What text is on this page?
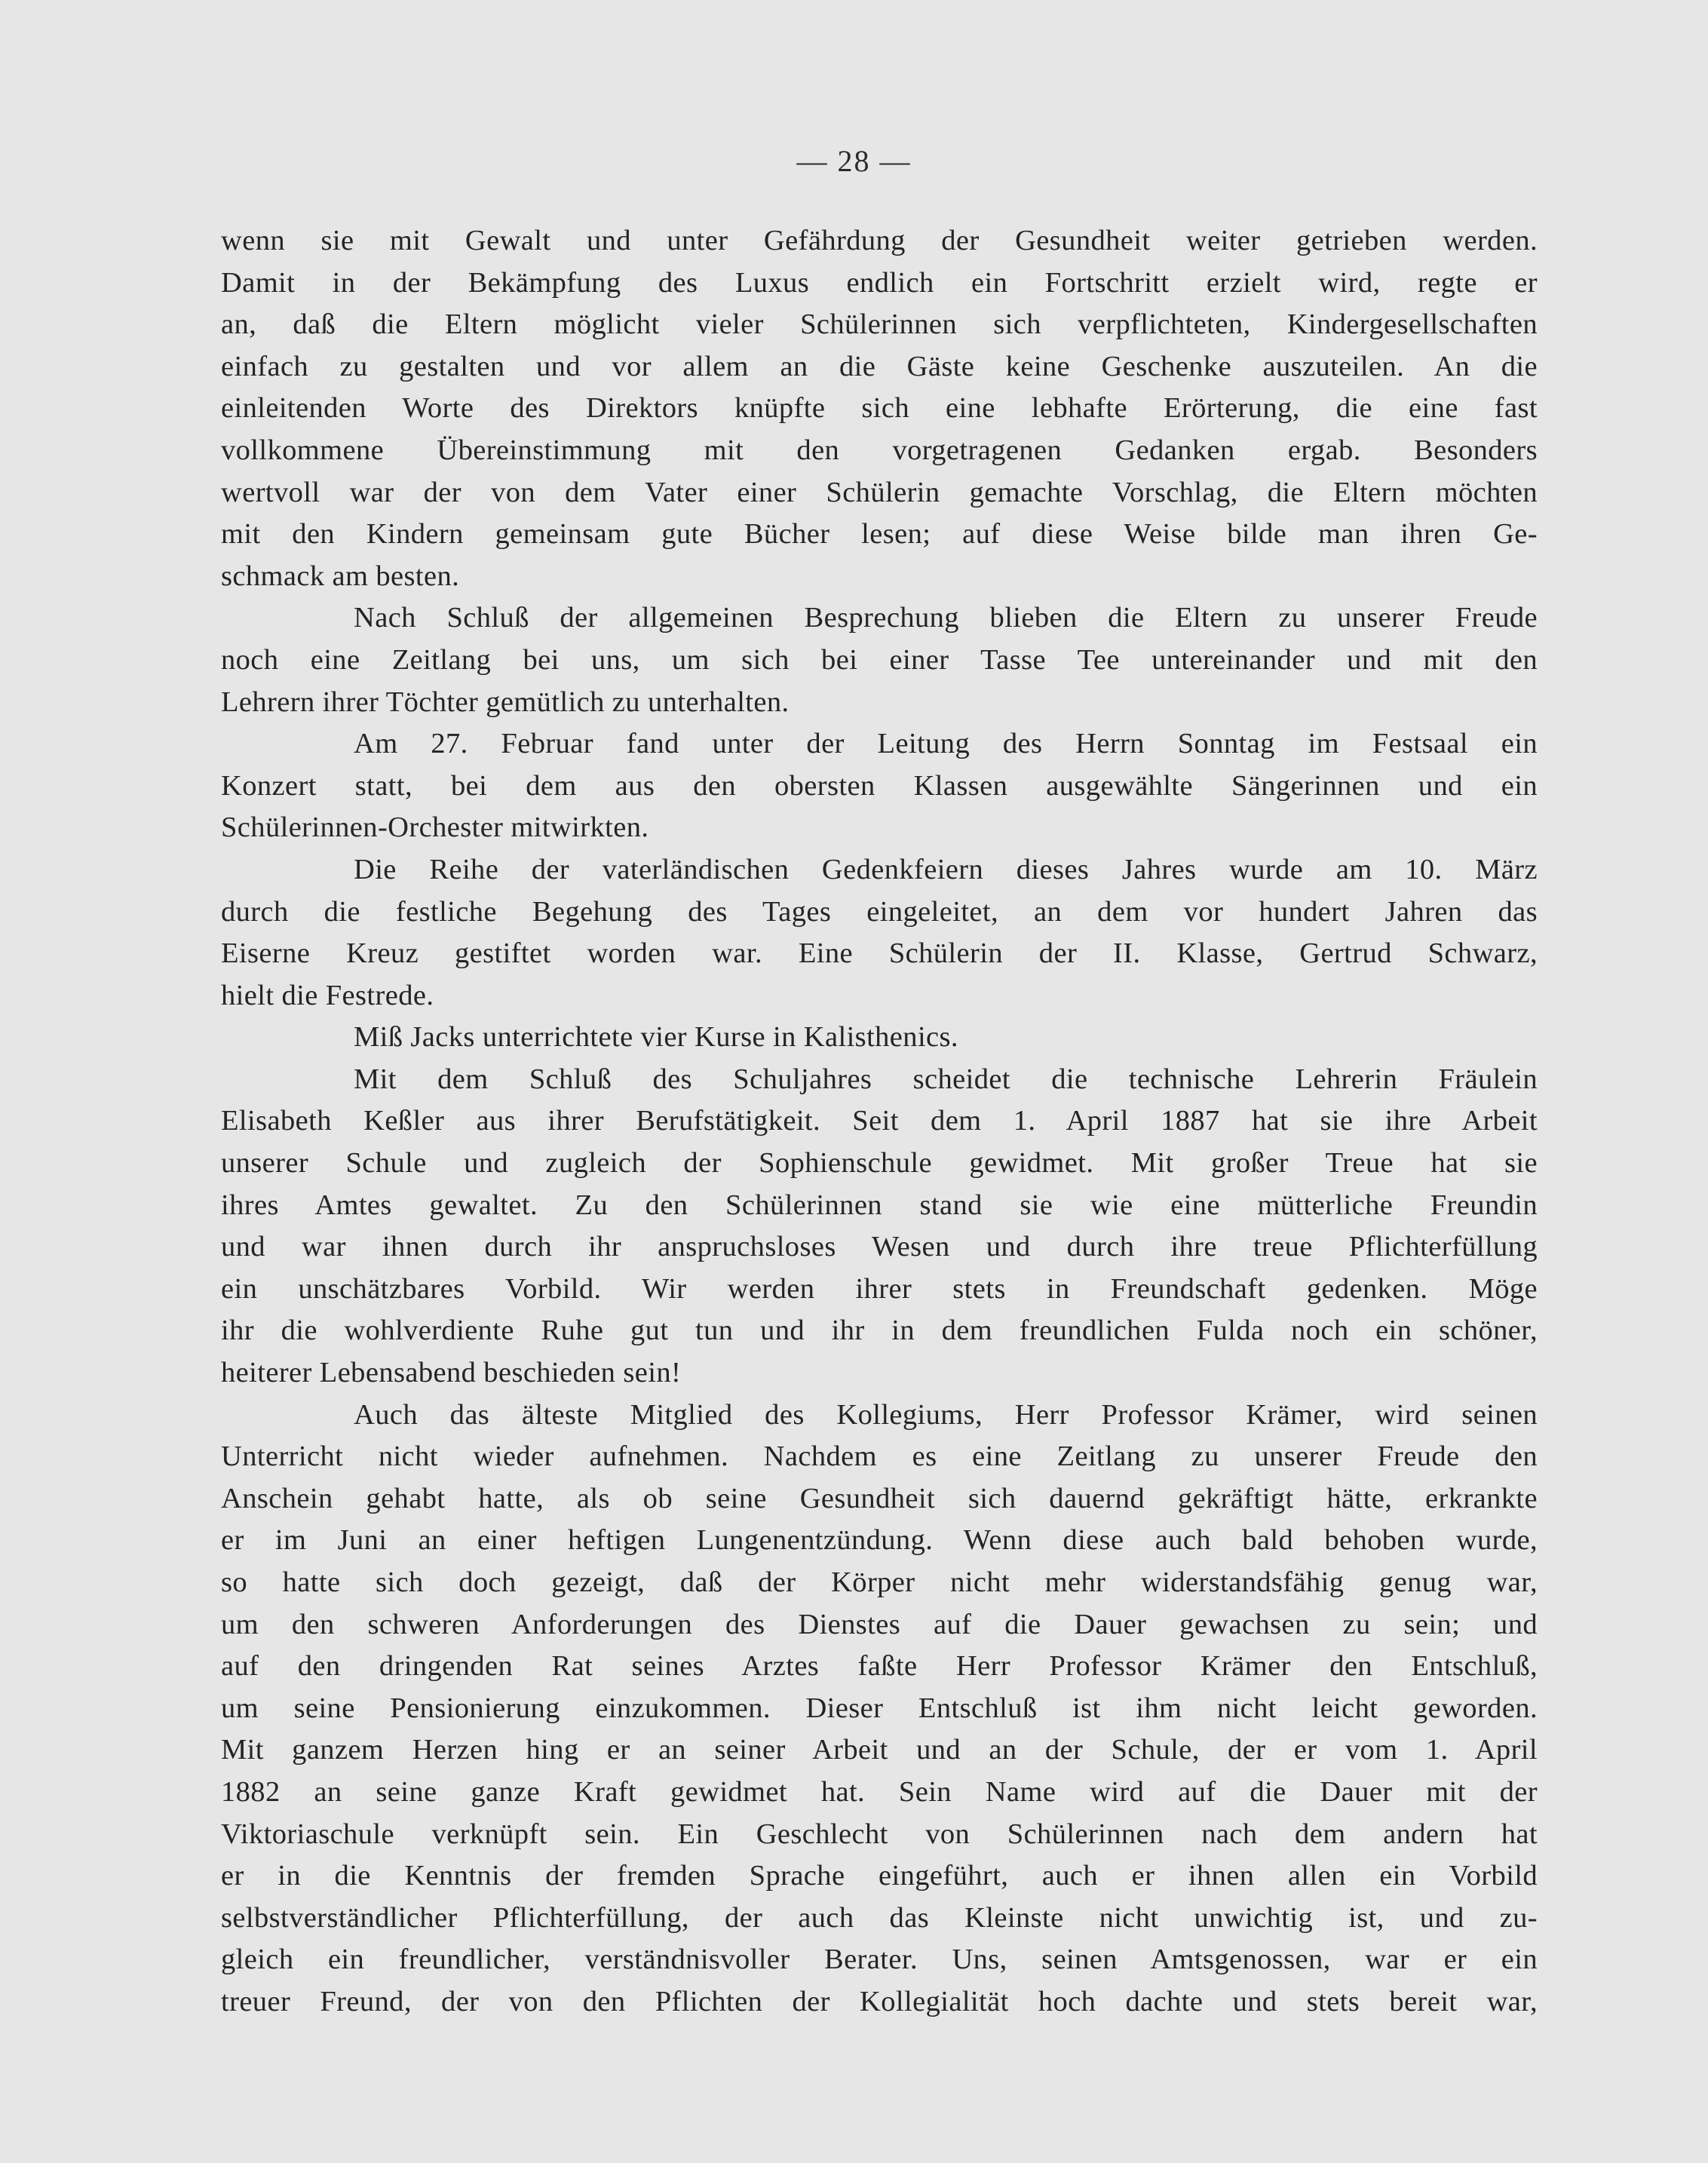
— 28 —

wenn sie mit Gewalt und unter Gefährdung der Gesundheit weiter getrieben werden.
Damit in der Bekämpfung des Luxus endlich ein Fortschritt erzielt wird, regte er
an, daß die Eltern möglicht vieler Schülerinnen sich verpflichteten, Kindergesellschaften
einfach zu gestalten und vor allem an die Gäste keine Geschenke auszuteilen. An die
einleitenden Worte des Direktors knüpfte sich eine lebhafte Erörterung, die eine fast
vollkommene Übereinstimmung mit den vorgetragenen Gedanken ergab. Besonders
wertvoll war der von dem Vater einer Schülerin gemachte Vorschlag, die Eltern möchten
mit den Kindern gemeinsam gute Bücher lesen; auf diese Weise bilde man ihren Ge-
schmack am besten.

Nach Schluß der allgemeinen Besprechung blieben die Eltern zu unserer Freude
noch eine Zeitlang bei uns, um sich bei einer Tasse Tee untereinander und mit den
Lehrern ihrer Töchter gemütlich zu unterhalten.

Am 27. Februar fand unter der Leitung des Herrn Sonntag im Festsaal ein
Konzert statt, bei dem aus den obersten Klassen ausgewählte Sängerinnen und ein
Schülerinnen-Orchester mitwirkten.

Die Reihe der vaterländischen Gedenkfeiern dieses Jahres wurde am 10. März
durch die festliche Begehung des Tages eingeleitet, an dem vor hundert Jahren das
Eiserne Kreuz gestiftet worden war. Eine Schülerin der II. Klasse, Gertrud Schwarz,
hielt die Festrede.

Miß Jacks unterrichtete vier Kurse in Kalisthenics.

Mit dem Schluß des Schuljahres scheidet die technische Lehrerin Fräulein
Elisabeth Keßler aus ihrer Berufstätigkeit. Seit dem 1. April 1887 hat sie ihre Arbeit
unserer Schule und zugleich der Sophienschule gewidmet. Mit großer Treue hat sie
ihres Amtes gewaltet. Zu den Schülerinnen stand sie wie eine mütterliche Freundin
und war ihnen durch ihr anspruchsloses Wesen und durch ihre treue Pflichterfüllung
ein unschätzbares Vorbild. Wir werden ihrer stets in Freundschaft gedenken. Möge
ihr die wohlverdiente Ruhe gut tun und ihr in dem freundlichen Fulda noch ein schöner,
heiterer Lebensabend beschieden sein!

Auch das älteste Mitglied des Kollegiums, Herr Professor Krämer, wird seinen
Unterricht nicht wieder aufnehmen. Nachdem es eine Zeitlang zu unserer Freude den
Anschein gehabt hatte, als ob seine Gesundheit sich dauernd gekräftigt hätte, erkrankte
er im Juni an einer heftigen Lungenentzündung. Wenn diese auch bald behoben wurde,
so hatte sich doch gezeigt, daß der Körper nicht mehr widerstandsfähig genug war,
um den schweren Anforderungen des Dienstes auf die Dauer gewachsen zu sein; und
auf den dringenden Rat seines Arztes faßte Herr Professor Krämer den Entschluß,
um seine Pensionierung einzukommen. Dieser Entschluß ist ihm nicht leicht geworden.
Mit ganzem Herzen hing er an seiner Arbeit und an der Schule, der er vom 1. April
1882 an seine ganze Kraft gewidmet hat. Sein Name wird auf die Dauer mit der
Viktoriaschule verknüpft sein. Ein Geschlecht von Schülerinnen nach dem andern hat
er in die Kenntnis der fremden Sprache eingeführt, auch er ihnen allen ein Vorbild
selbstverständlicher Pflichterfüllung, der auch das Kleinste nicht unwichtig ist, und zu-
gleich ein freundlicher, verständnisvoller Berater. Uns, seinen Amtsgenossen, war er ein
treuer Freund, der von den Pflichten der Kollegialität hoch dachte und stets bereit war,
